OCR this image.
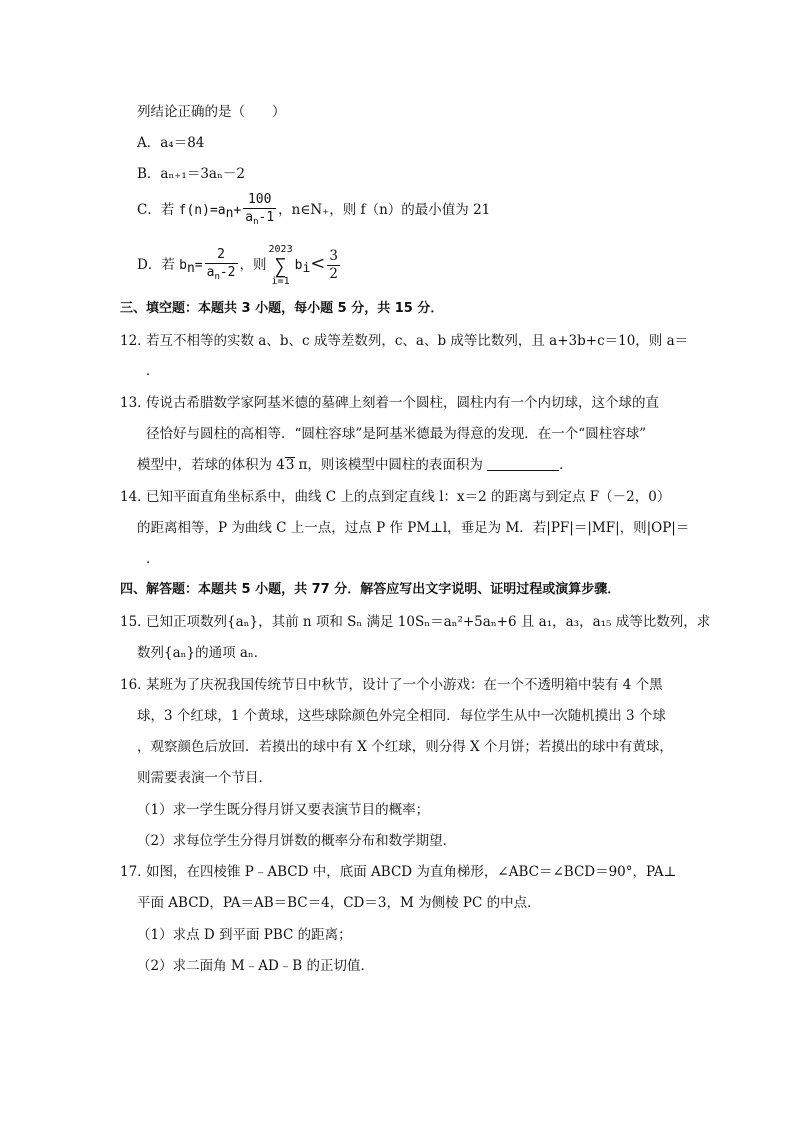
列结论正确的是（　　）
A．a₄＝84
B．aₙ₊₁＝3aₙ－2
C．若 $f(n)=a_n+ \frac{100}{a_n-1}$ ，n∈N₊，则 f（n）的最小值为 21
D．若 $b_n= \frac{2}{a_n-2}$ ，则
2023
∑
i=1
$b_i< \frac{3}{2}$
三、填空题：本题共 3 小题，每小题 5 分，共 15 分．
12．
若互不相等的实数 a、b、c 成等差数列，c、a、b 成等比数列，且 a+3b+c＝10，则 a＝
．
13．
传说古希腊数学家阿基米德的墓碑上刻着一个圆柱，圆柱内有一个内切球，这个球的直
径恰好与圆柱的高相等．“圆柱容球”是阿基米德最为得意的发现．在一个“圆柱容球”
模型中，若球的体积为 43 π，则该模型中圆柱的表面积为	．
14．
已知平面直角坐标系中，曲线 C 上的点到定直线 l：x＝2 的距离与到定点 F（－2，0）
的距离相等，P 为曲线 C 上一点，过点 P 作 PM⊥l，垂足为 M．若|PF|＝|MF|，则|OP|＝
．
四、解答题：本题共 5 小题，共 77 分．解答应写出文字说明、证明过程或演算步骤．
15．
已知正项数列{aₙ}，其前 n 项和 Sₙ 满足 10Sₙ＝aₙ²+5aₙ+6 且 a₁，a₃，a₁₅ 成等比数列，求
数列{aₙ}的通项 aₙ．
16．
某班为了庆祝我国传统节日中秋节，设计了一个小游戏：在一个不透明箱中装有 4 个黑
球，3 个红球，1 个黄球，这些球除颜色外完全相同．每位学生从中一次随机摸出 3 个球
，观察颜色后放回．若摸出的球中有 X 个红球，则分得 X 个月饼；若摸出的球中有黄球，
则需要表演一个节目．
（1）求一学生既分得月饼又要表演节目的概率；
（2）求每位学生分得月饼数的概率分布和数学期望．
17．
如图，在四棱锥 P﹣ABCD 中，底面 ABCD 为直角梯形，∠ABC＝∠BCD＝90°，PA⊥
平面 ABCD，PA＝AB＝BC＝4，CD＝3，M 为侧棱 PC 的中点．
（1）求点 D 到平面 PBC 的距离；
（2）求二面角 M﹣AD﹣B 的正切值．
